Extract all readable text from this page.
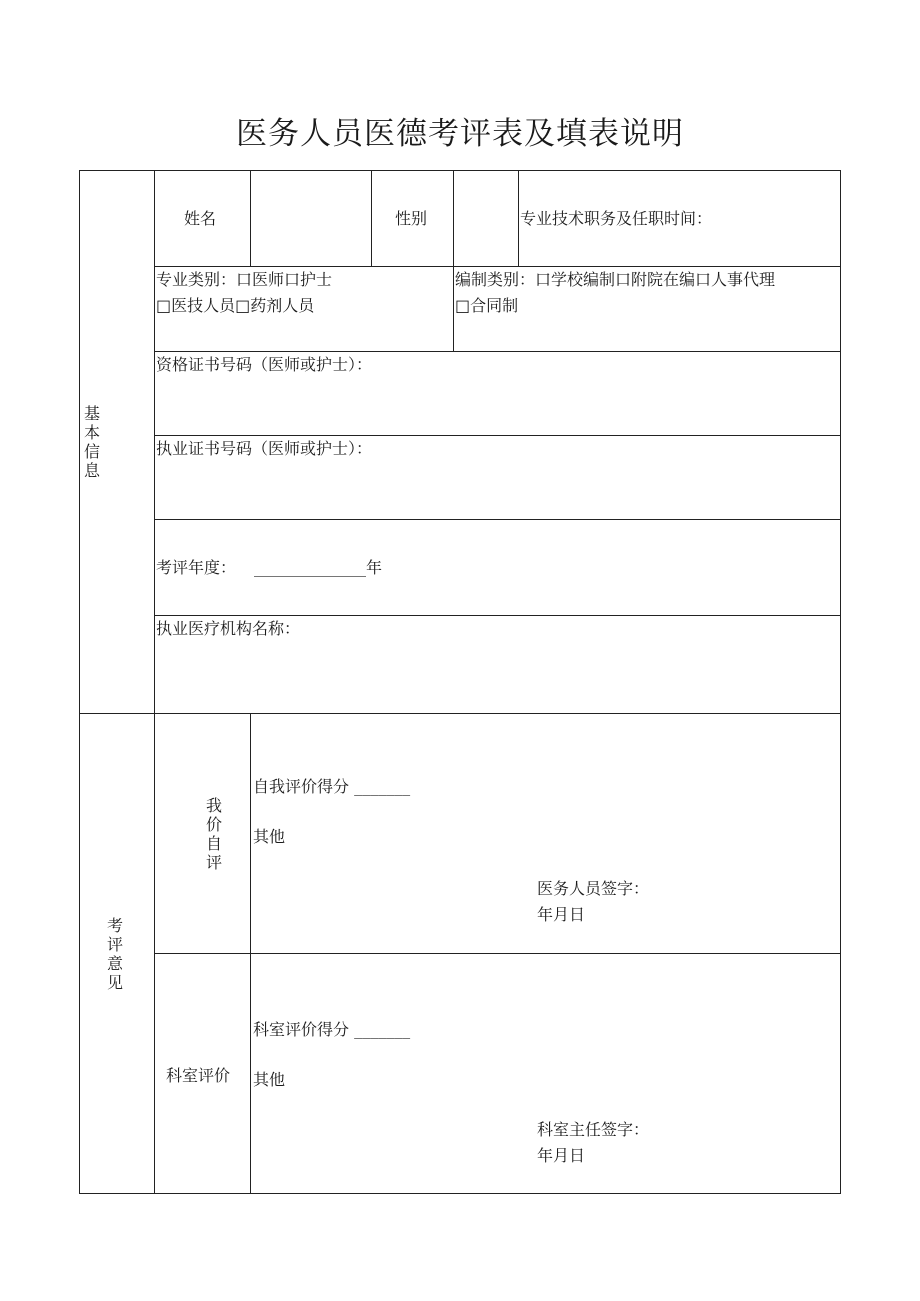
医务人员医德考评表及填表说明
基本信息
姓名	性别	专业技术职务及任职时间：
专业类别：口医师口护士
□医技人员□药剂人员
编制类别：口学校编制口附院在编口人事代理
□合同制
资格证书号码（医师或护士）：
执业证书号码（医师或护士）：
考评年度： ______________年
执业医疗机构名称：
考评意见
我价自评
自我评价得分 _______
其他
医务人员签字：
年月日
科室评价
科室评价得分 _______
其他
科室主任签字：
年月日
